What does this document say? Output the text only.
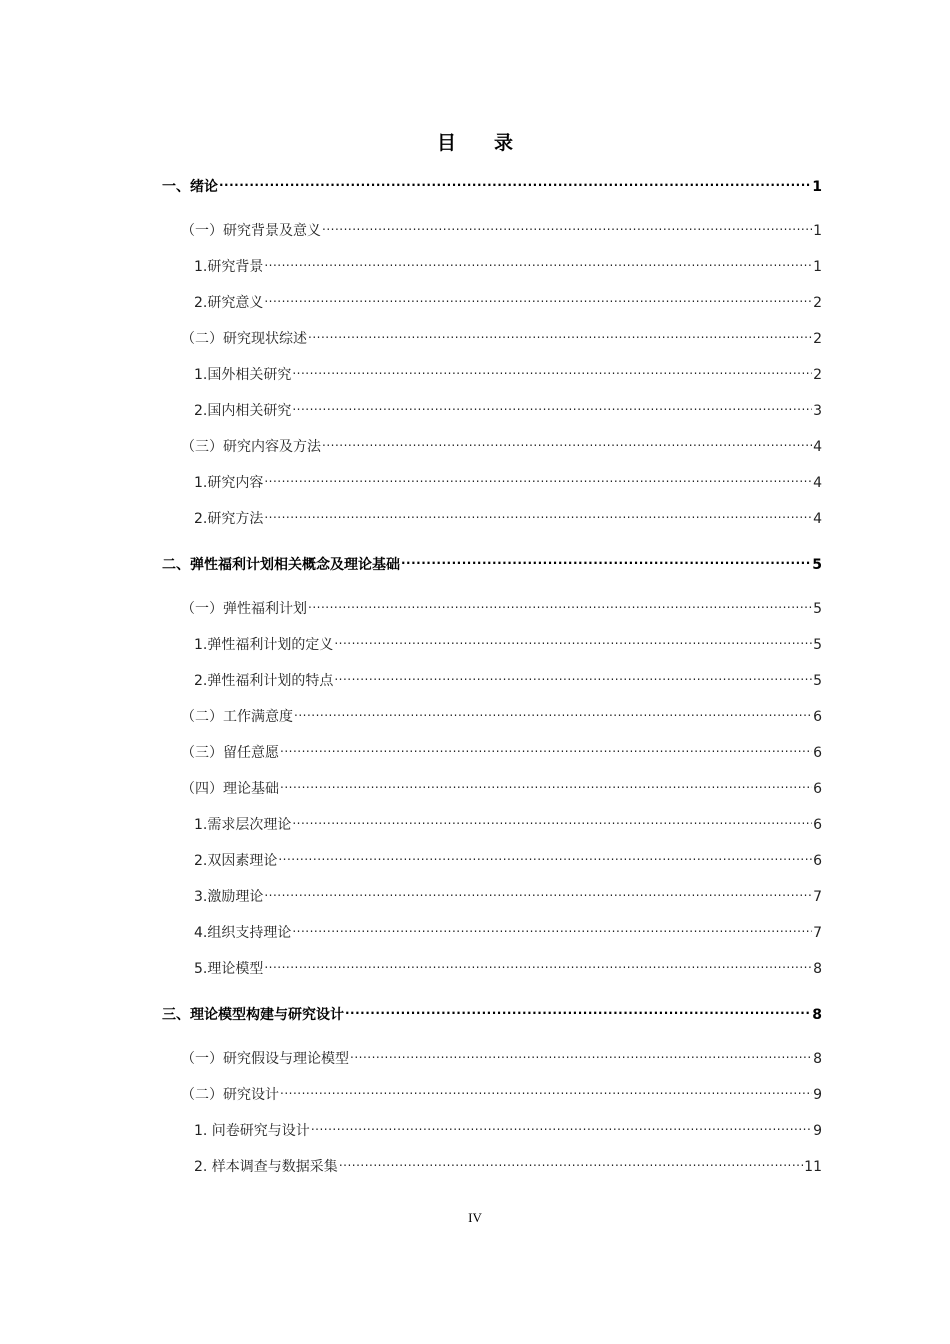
目 录
一、绪论 .....	1
（一）研究背景及意义 .....	1
1.研究背景 .....	1
2.研究意义 .....	2
（二）研究现状综述 .....	2
1.国外相关研究 .....	2
2.国内相关研究 .....	3
（三）研究内容及方法 .....	4
1.研究内容 .....	4
2.研究方法 .....	4
二、弹性福利计划相关概念及理论基础 .....	5
（一）弹性福利计划 .....	5
1.弹性福利计划的定义 .....	5
2.弹性福利计划的特点 .....	5
（二）工作满意度 .....	6
（三）留任意愿 .....	6
（四）理论基础 .....	6
1.需求层次理论 .....	6
2.双因素理论 .....	6
3.激励理论 .....	7
4.组织支持理论 .....	7
5.理论模型 .....	8
三、理论模型构建与研究设计 .....	8
（一）研究假设与理论模型 .....	8
（二）研究设计 .....	9
1. 问卷研究与设计 .....	9
2. 样本调查与数据采集 .....	11
IV
